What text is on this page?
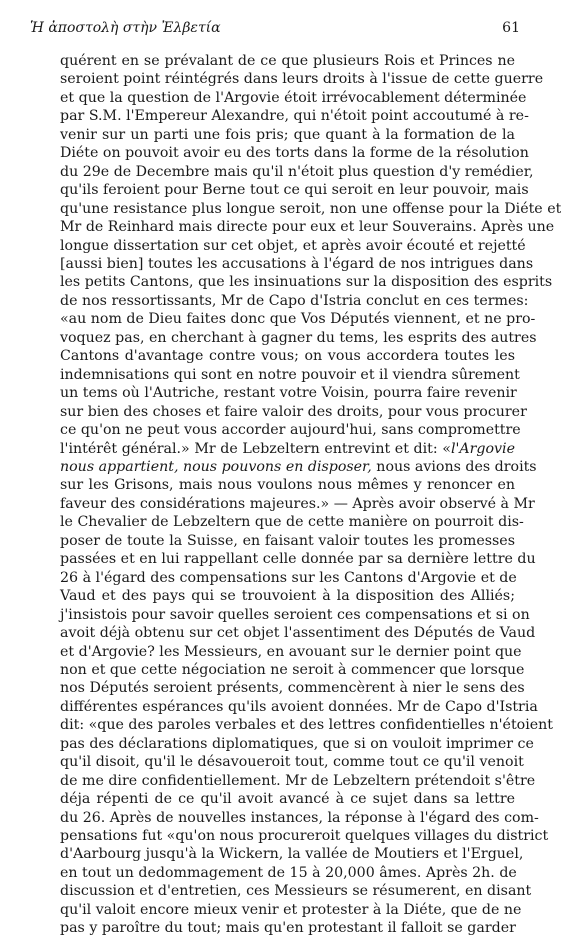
Ἡ ἀποστολὴ στὴν Ἐλβετία	61

quérent en se prévalant de ce que plusieurs Rois et Princes ne
seroient point réintégrés dans leurs droits à l'issue de cette guerre
et que la question de l'Argovie étoit irrévocablement déterminée
par S.M. l'Empereur Alexandre, qui n'étoit point accoutumé à re-
venir sur un parti une fois pris; que quant à la formation de la
Diéte on pouvoit avoir eu des torts dans la forme de la résolution
du 29e de Decembre mais qu'il n'étoit plus question d'y remédier,
qu'ils feroient pour Berne tout ce qui seroit en leur pouvoir, mais
qu'une resistance plus longue seroit, non une offense pour la Diéte et
Mr de Reinhard mais directe pour eux et leur Souverains. Après une
longue dissertation sur cet objet, et après avoir écouté et rejetté
[aussi bien] toutes les accusations à l'égard de nos intrigues dans
les petits Cantons, que les insinuations sur la disposition des esprits
de nos ressortissants, Mr de Capo d'Istria conclut en ces termes:
«au nom de Dieu faites donc que Vos Députés viennent, et ne pro-
voquez pas, en cherchant à gagner du tems, les esprits des autres
Cantons d'avantage contre vous; on vous accordera toutes les
indemnisations qui sont en notre pouvoir et il viendra sûrement
un tems où l'Autriche, restant votre Voisin, pourra faire revenir
sur bien des choses et faire valoir des droits, pour vous procurer
ce qu'on ne peut vous accorder aujourd'hui, sans compromettre
l'intérêt général.» Mr de Lebzeltern entrevint et dit: «l'Argovie
nous appartient, nous pouvons en disposer, nous avions des droits
sur les Grisons, mais nous voulons nous mêmes y renoncer en
faveur des considérations majeures.» — Après avoir observé à Mr
le Chevalier de Lebzeltern que de cette manière on pourroit dis-
poser de toute la Suisse, en faisant valoir toutes les promesses
passées et en lui rappellant celle donnée par sa dernière lettre du
26 à l'égard des compensations sur les Cantons d'Argovie et de
Vaud et des pays qui se trouvoient à la disposition des Alliés;
j'insistois pour savoir quelles seroient ces compensations et si on
avoit déjà obtenu sur cet objet l'assentiment des Députés de Vaud
et d'Argovie? les Messieurs, en avouant sur le dernier point que
non et que cette négociation ne seroit à commencer que lorsque
nos Députés seroient présents, commencèrent à nier le sens des
différentes espérances qu'ils avoient données. Mr de Capo d'Istria
dit: «que des paroles verbales et des lettres confidentielles n'étoient
pas des déclarations diplomatiques, que si on vouloit imprimer ce
qu'il disoit, qu'il le désavoueroit tout, comme tout ce qu'il venoit
de me dire confidentiellement. Mr de Lebzeltern prétendoit s'être
déja répenti de ce qu'il avoit avancé à ce sujet dans sa lettre
du 26. Après de nouvelles instances, la réponse à l'égard des com-
pensations fut «qu'on nous procureroit quelques villages du district
d'Aarbourg jusqu'à la Wickern, la vallée de Moutiers et l'Erguel,
en tout un dedommagement de 15 à 20,000 âmes. Après 2h. de
discussion et d'entretien, ces Messieurs se résumerent, en disant
qu'il valoit encore mieux venir et protester à la Diéte, que de ne
pas y paroître du tout; mais qu'en protestant il falloit se garder
